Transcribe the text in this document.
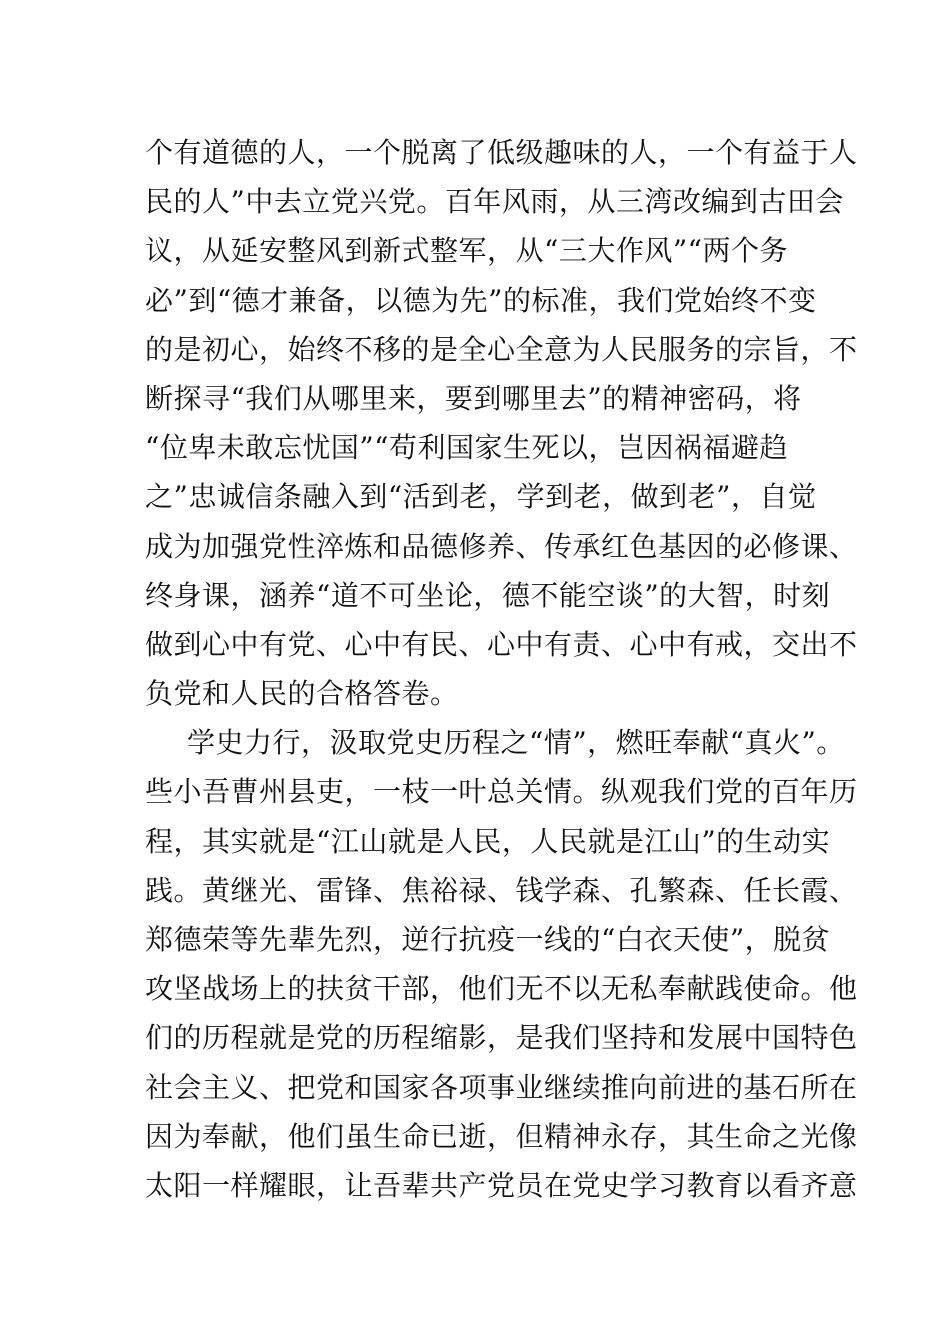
个有道德的人，一个脱离了低级趣味的人，一个有益于人
民的人”中去立党兴党。百年风雨，从三湾改编到古田会
议，从延安整风到新式整军，从“三大作风”“两个务
必”到“德才兼备，以德为先”的标准，我们党始终不变
的是初心，始终不移的是全心全意为人民服务的宗旨，不
断探寻“我们从哪里来，要到哪里去”的精神密码，将
“位卑未敢忘忧国”“苟利国家生死以，岂因祸福避趋
之”忠诚信条融入到“活到老，学到老，做到老”，自觉
成为加强党性淬炼和品德修养、传承红色基因的必修课、
终身课，涵养“道不可坐论，德不能空谈”的大智，时刻
做到心中有党、心中有民、心中有责、心中有戒，交出不
负党和人民的合格答卷。
学史力行，汲取党史历程之“情”，燃旺奉献“真火”。
些小吾曹州县吏，一枝一叶总关情。纵观我们党的百年历
程，其实就是“江山就是人民，人民就是江山”的生动实
践。黄继光、雷锋、焦裕禄、钱学森、孔繁森、任长霞、
郑德荣等先辈先烈，逆行抗疫一线的“白衣天使”，脱贫
攻坚战场上的扶贫干部，他们无不以无私奉献践使命。他
们的历程就是党的历程缩影，是我们坚持和发展中国特色
社会主义、把党和国家各项事业继续推向前进的基石所在
因为奉献，他们虽生命已逝，但精神永存，其生命之光像
太阳一样耀眼，让吾辈共产党员在党史学习教育以看齐意
